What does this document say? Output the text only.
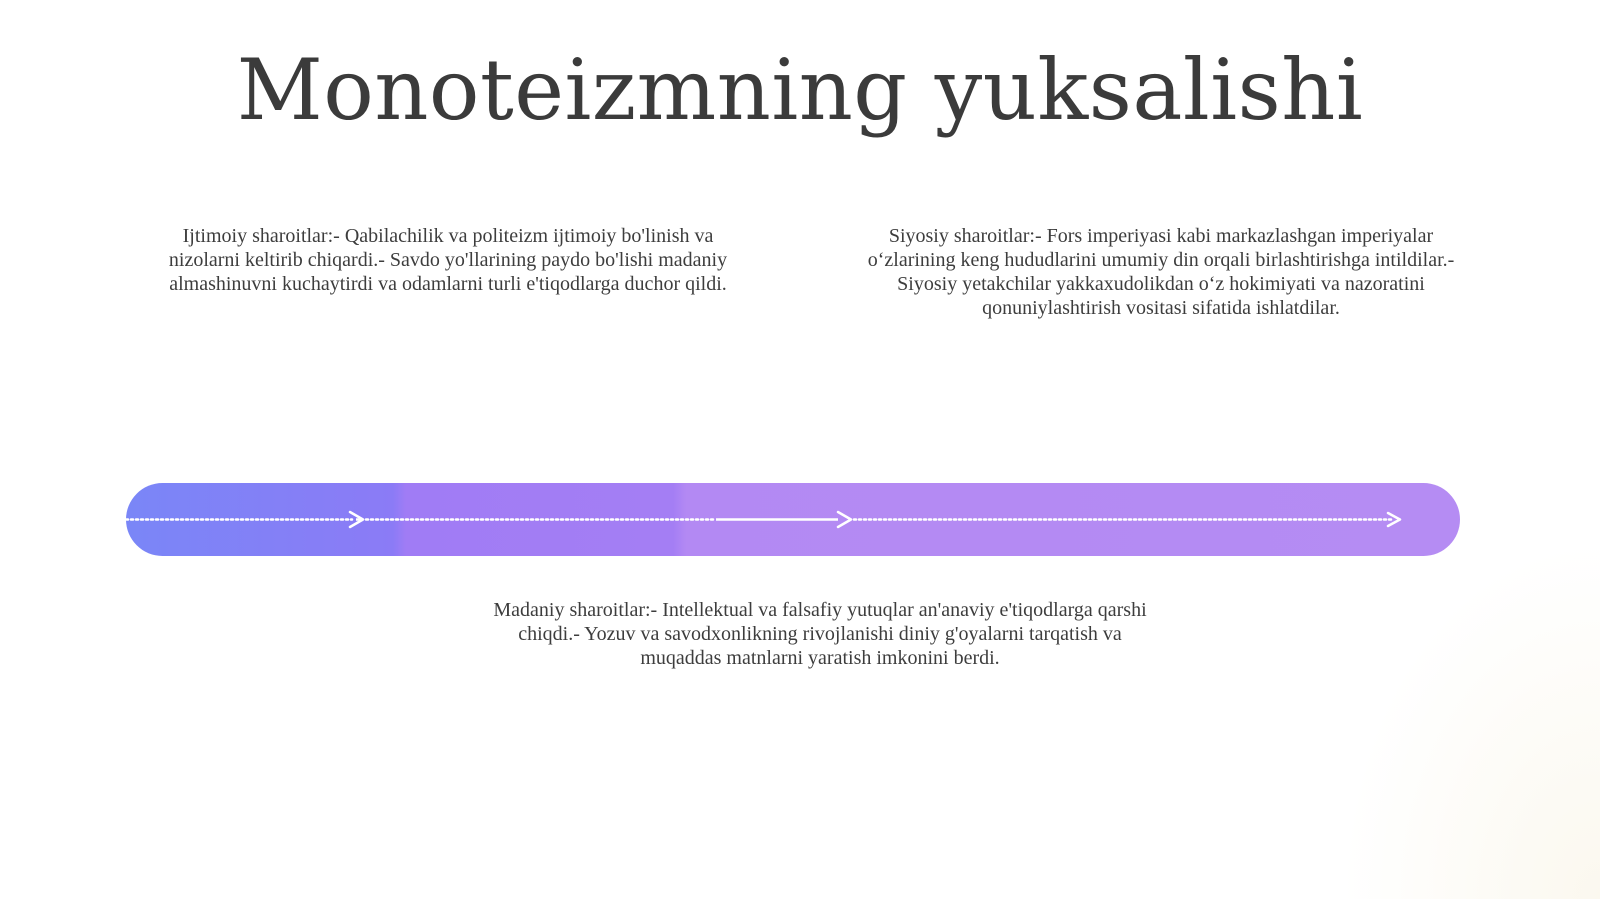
Monoteizmning yuksalishi
Ijtimoiy sharoitlar:- Qabilachilik va politeizm ijtimoiy bo'linish va nizolarni keltirib chiqardi.- Savdo yo'llarining paydo bo'lishi madaniy almashinuvni kuchaytirdi va odamlarni turli e'tiqodlarga duchor qildi.
Siyosiy sharoitlar:- Fors imperiyasi kabi markazlashgan imperiyalar o‘zlarining keng hududlarini umumiy din orqali birlashtirishga intildilar.- Siyosiy yetakchilar yakkaxudolikdan o‘z hokimiyati va nazoratini qonuniylashtirish vositasi sifatida ishlatdilar.
Madaniy sharoitlar:- Intellektual va falsafiy yutuqlar an'anaviy e'tiqodlarga qarshi chiqdi.- Yozuv va savodxonlikning rivojlanishi diniy g'oyalarni tarqatish va muqaddas matnlarni yaratish imkonini berdi.
